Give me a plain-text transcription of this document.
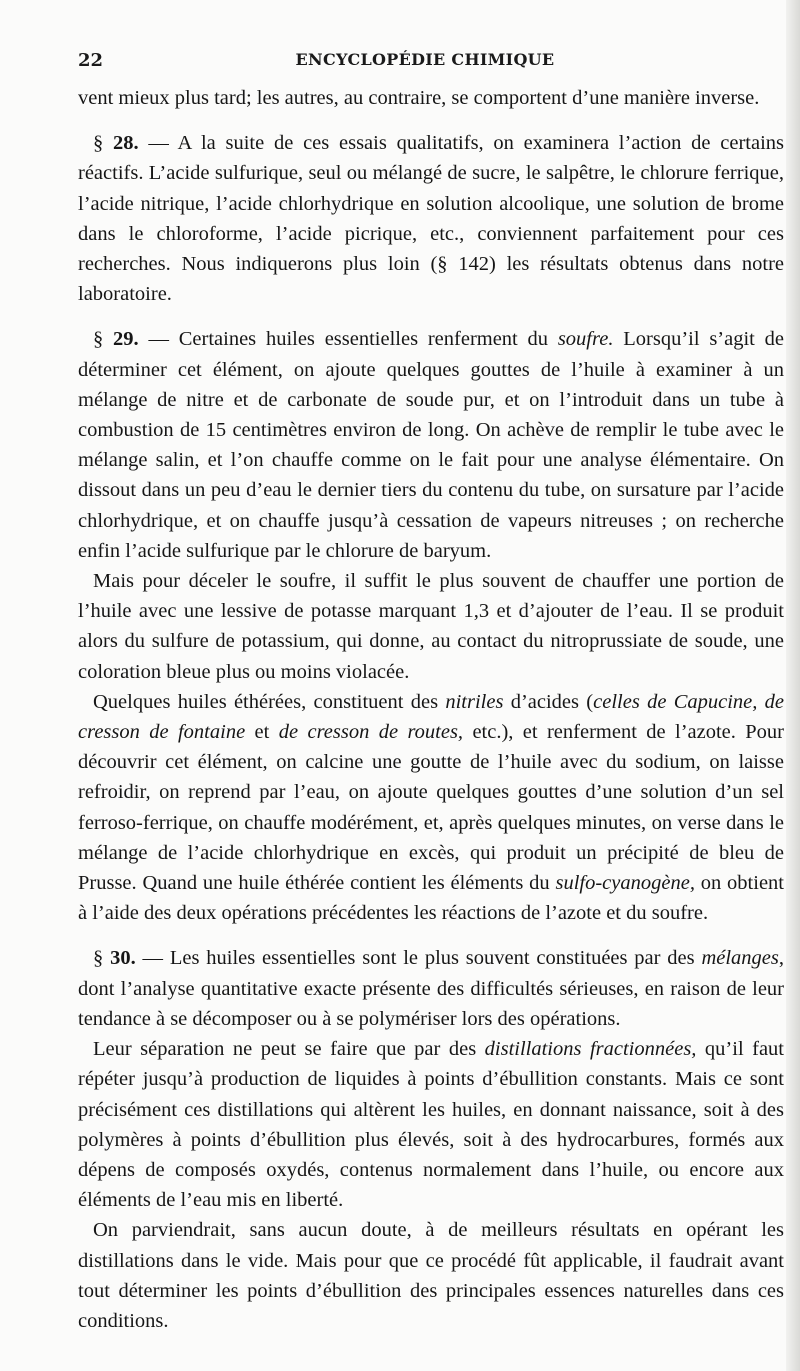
22	ENCYCLOPÉDIE CHIMIQUE

vent mieux plus tard; les autres, au contraire, se comportent d’une manière inverse.

§ 28. — A la suite de ces essais qualitatifs, on examinera l’action de certains réactifs. L’acide sulfurique, seul ou mélangé de sucre, le salpêtre, le chlorure ferrique, l’acide nitrique, l’acide chlorhydrique en solution alcoolique, une solution de brome dans le chloroforme, l’acide picrique, etc., conviennent parfaitement pour ces recherches. Nous indiquerons plus loin (§ 142) les résultats obtenus dans notre laboratoire.

§ 29. — Certaines huiles essentielles renferment du soufre. Lorsqu’il s’agit de déterminer cet élément, on ajoute quelques gouttes de l’huile à examiner à un mélange de nitre et de carbonate de soude pur, et on l’introduit dans un tube à combustion de 15 centimètres environ de long. On achève de remplir le tube avec le mélange salin, et l’on chauffe comme on le fait pour une analyse élémentaire. On dissout dans un peu d’eau le dernier tiers du contenu du tube, on sursature par l’acide chlorhydrique, et on chauffe jusqu’à cessation de vapeurs nitreuses ; on recherche enfin l’acide sulfurique par le chlorure de baryum.

Mais pour déceler le soufre, il suffit le plus souvent de chauffer une portion de l’huile avec une lessive de potasse marquant 1,3 et d’ajouter de l’eau. Il se produit alors du sulfure de potassium, qui donne, au contact du nitroprussiate de soude, une coloration bleue plus ou moins violacée.

Quelques huiles éthérées, constituent des nitriles d’acides (celles de Capucine, de cresson de fontaine et de cresson de routes, etc.), et renferment de l’azote. Pour découvrir cet élément, on calcine une goutte de l’huile avec du sodium, on laisse refroidir, on reprend par l’eau, on ajoute quelques gouttes d’une solution d’un sel ferroso-ferrique, on chauffe modérément, et, après quelques minutes, on verse dans le mélange de l’acide chlorhydrique en excès, qui produit un précipité de bleu de Prusse. Quand une huile éthérée contient les éléments du sulfo-cyanogène, on obtient à l’aide des deux opérations précédentes les réactions de l’azote et du soufre.

§ 30. — Les huiles essentielles sont le plus souvent constituées par des mélanges, dont l’analyse quantitative exacte présente des difficultés sérieuses, en raison de leur tendance à se décomposer ou à se polymériser lors des opérations.

Leur séparation ne peut se faire que par des distillations fractionnées, qu’il faut répéter jusqu’à production de liquides à points d’ébullition constants. Mais ce sont précisément ces distillations qui altèrent les huiles, en donnant naissance, soit à des polymères à points d’ébullition plus élevés, soit à des hydrocarbures, formés aux dépens de composés oxydés, contenus normalement dans l’huile, ou encore aux éléments de l’eau mis en liberté.

On parviendrait, sans aucun doute, à de meilleurs résultats en opérant les distillations dans le vide. Mais pour que ce procédé fût applicable, il faudrait avant tout déterminer les points d’ébullition des principales essences naturelles dans ces conditions.
